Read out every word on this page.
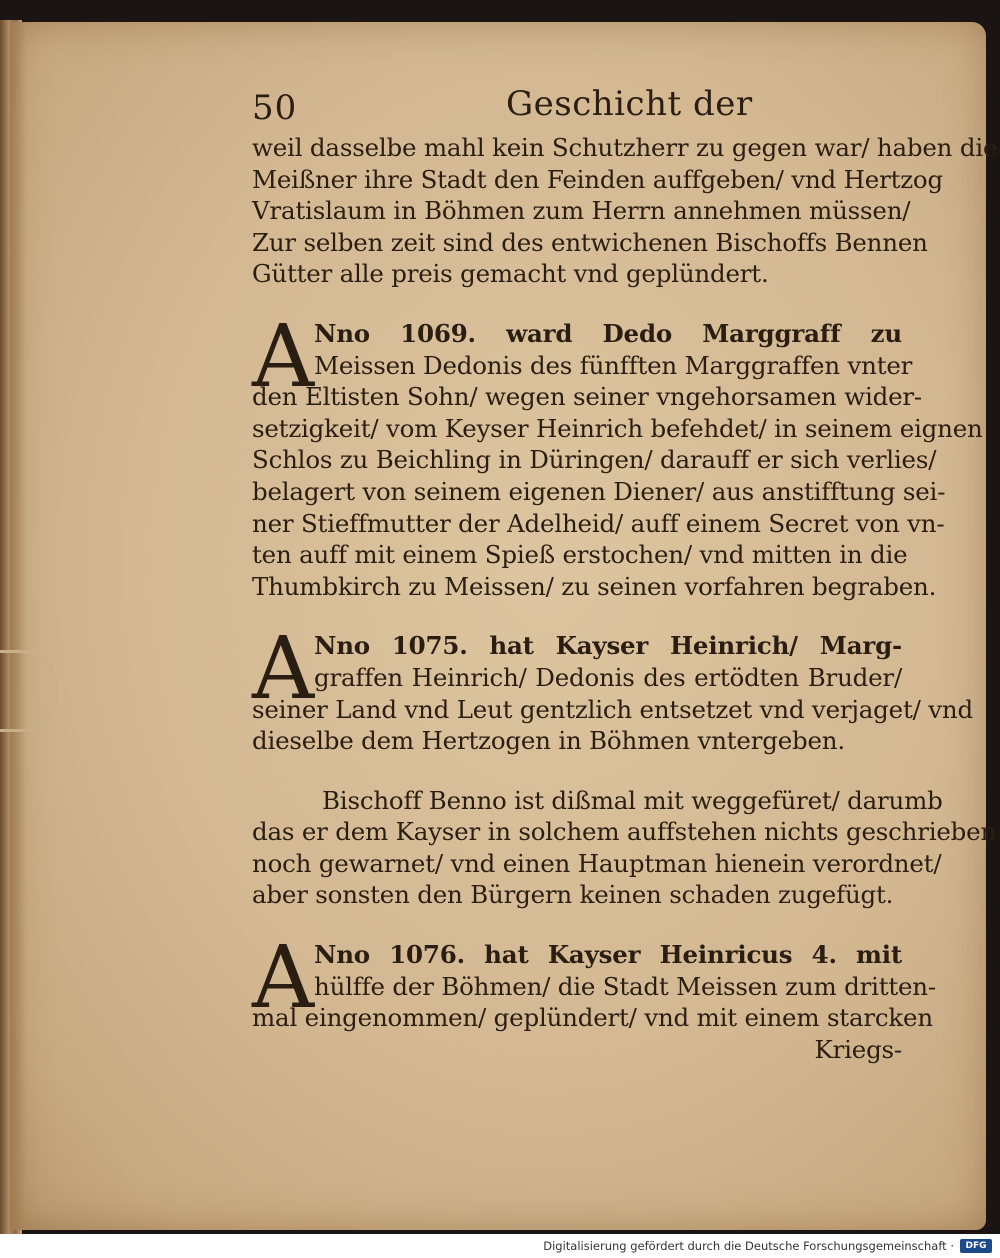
50	Geschicht der
weil dasselbe mahl kein Schutzherr zu gegen war/ haben die
Meißner ihre Stadt den Feinden auffgeben/ vnd Hertzog
Vratislaum in Böhmen zum Herrn annehmen müssen/
Zur selben zeit sind des entwichenen Bischoffs Bennen
Gütter alle preis gemacht vnd geplündert.
A Nno 1069. ward Dedo Marggraff zu
Meissen Dedonis des fünfften Marggraffen vnter
den Eltisten Sohn/ wegen seiner vngehorsamen wider-
setzigkeit/ vom Keyser Heinrich befehdet/ in seinem eignen
Schlos zu Beichling in Düringen/ darauff er sich verlies/
belagert von seinem eigenen Diener/ aus anstifftung sei-
ner Stieffmutter der Adelheid/ auff einem Secret von vn-
ten auff mit einem Spieß erstochen/ vnd mitten in die
Thumbkirch zu Meissen/ zu seinen vorfahren begraben.
A Nno 1075. hat Kayser Heinrich/ Marg-
graffen Heinrich/ Dedonis des ertödten Bruder/
seiner Land vnd Leut gentzlich entsetzet vnd verjaget/ vnd
dieselbe dem Hertzogen in Böhmen vntergeben.
Bischoff Benno ist dißmal mit weggefüret/ darumb
das er dem Kayser in solchem auffstehen nichts geschrieben
noch gewarnet/ vnd einen Hauptman hienein verordnet/
aber sonsten den Bürgern keinen schaden zugefügt.
A Nno 1076. hat Kayser Heinricus 4. mit
hülffe der Böhmen/ die Stadt Meissen zum dritten-
mal eingenommen/ geplündert/ vnd mit einem starcken
Kriegs-
Digitalisierung gefördert durch die Deutsche Forschungsgemeinschaft ·	DFG
